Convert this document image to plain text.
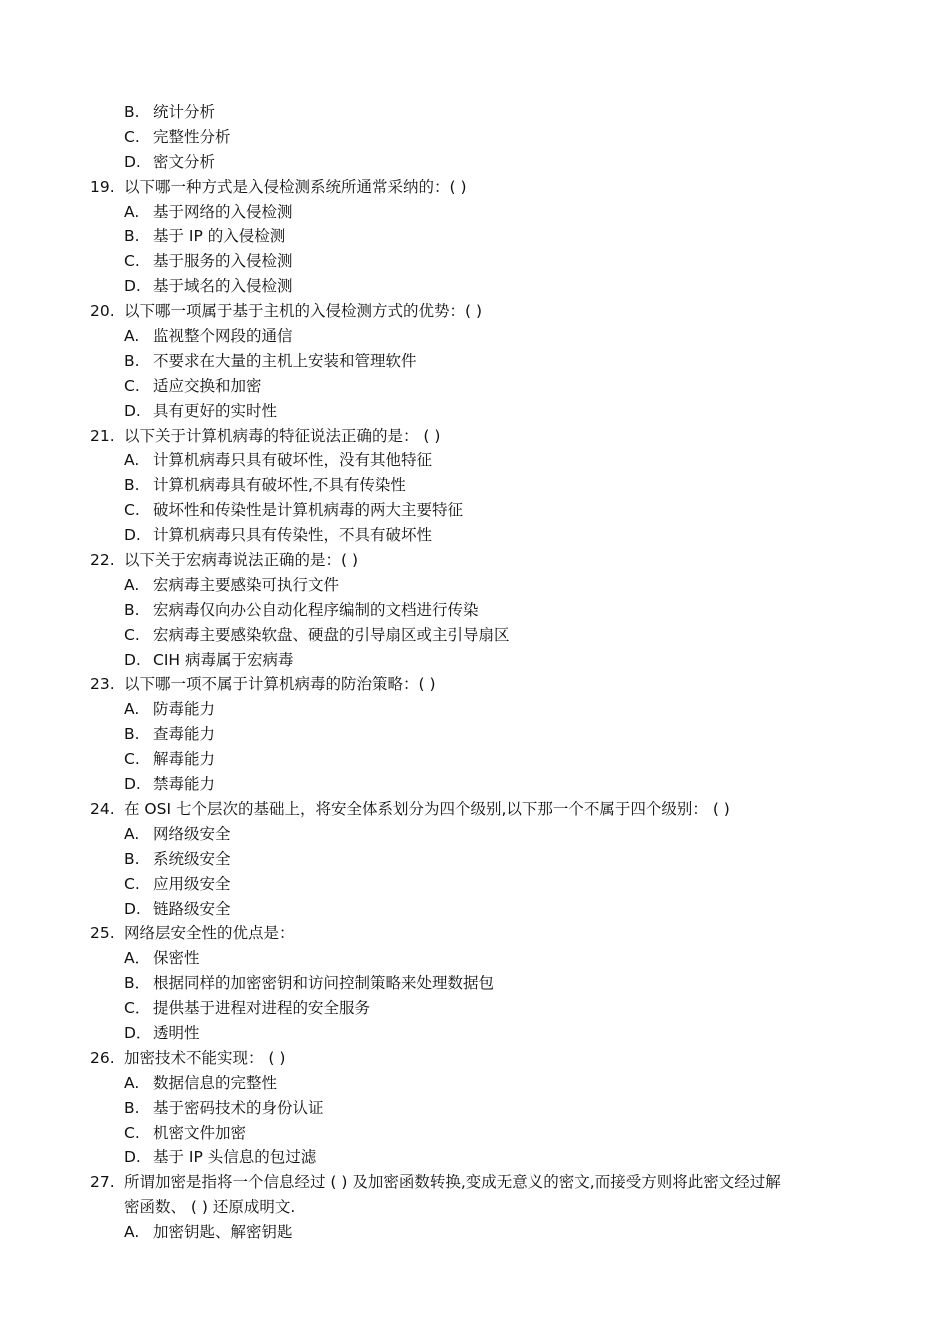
B. 统计分析
C. 完整性分析
D. 密文分析
19. 以下哪一种方式是入侵检测系统所通常采纳的：( )
A. 基于网络的入侵检测
B. 基于 IP 的入侵检测
C. 基于服务的入侵检测
D. 基于域名的入侵检测
20. 以下哪一项属于基于主机的入侵检测方式的优势：( )
A. 监视整个网段的通信
B. 不要求在大量的主机上安装和管理软件
C. 适应交换和加密
D. 具有更好的实时性
21. 以下关于计算机病毒的特征说法正确的是： ( )
A. 计算机病毒只具有破坏性，没有其他特征
B. 计算机病毒具有破坏性,不具有传染性
C. 破坏性和传染性是计算机病毒的两大主要特征
D. 计算机病毒只具有传染性，不具有破坏性
22. 以下关于宏病毒说法正确的是：( )
A. 宏病毒主要感染可执行文件
B. 宏病毒仅向办公自动化程序编制的文档进行传染
C. 宏病毒主要感染软盘、硬盘的引导扇区或主引导扇区
D. CIH 病毒属于宏病毒
23. 以下哪一项不属于计算机病毒的防治策略：( )
A. 防毒能力
B. 查毒能力
C. 解毒能力
D. 禁毒能力
24. 在 OSI 七个层次的基础上，将安全体系划分为四个级别,以下那一个不属于四个级别： ( )
A. 网络级安全
B. 系统级安全
C. 应用级安全
D. 链路级安全
25. 网络层安全性的优点是：
A． 保密性
B． 根据同样的加密密钥和访问控制策略来处理数据包
C． 提供基于进程对进程的安全服务
D． 透明性
26. 加密技术不能实现： ( )
A. 数据信息的完整性
B. 基于密码技术的身份认证
C. 机密文件加密
D. 基于 IP 头信息的包过滤
27. 所谓加密是指将一个信息经过 ( ) 及加密函数转换,变成无意义的密文,而接受方则将此密文经过解
密函数、 ( ) 还原成明文.
A. 加密钥匙、解密钥匙
